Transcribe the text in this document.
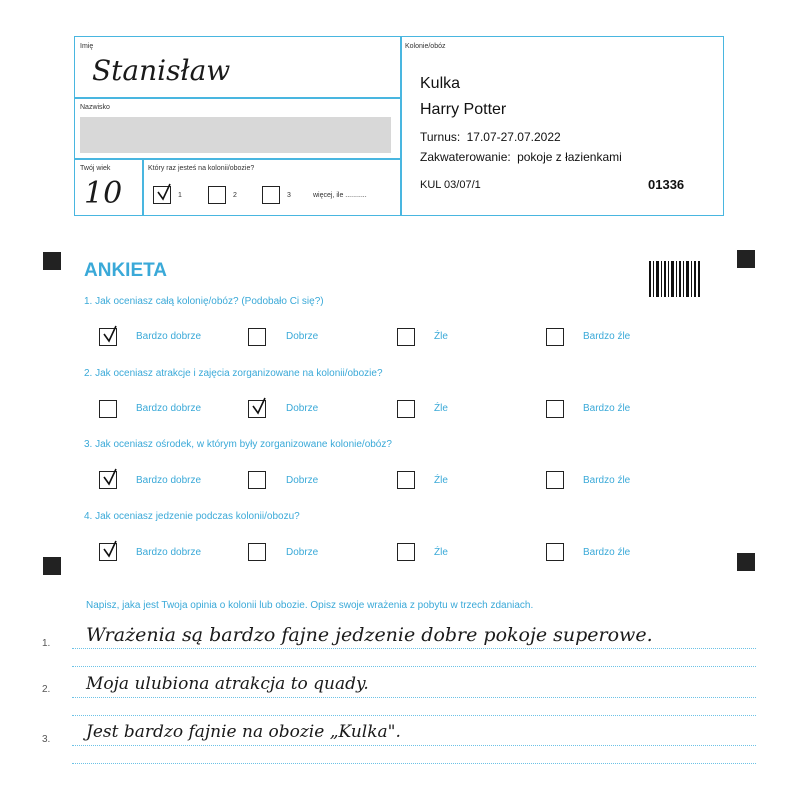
Imię
Stanisław
Nazwisko
Twój wiek
10
Który raz jesteś na kolonii/obozie?
1	2	3	więcej, ile ...........
Kolonie/obóz
Kulka
Harry Potter
Turnus: 17.07-27.07.2022
Zakwaterowanie: pokoje z łazienkami
KUL 03/07/1	01336
ANKIETA
1. Jak oceniasz całą kolonię/obóz? (Podobało Ci się?)
Bardzo dobrze	Dobrze	Źle	Bardzo źle
2. Jak oceniasz atrakcje i zajęcia zorganizowane na kolonii/obozie?
Bardzo dobrze	Dobrze	Źle	Bardzo źle
3. Jak oceniasz ośrodek, w którym były zorganizowane kolonie/obóz?
Bardzo dobrze	Dobrze	Źle	Bardzo źle
4. Jak oceniasz jedzenie podczas kolonii/obozu?
Bardzo dobrze	Dobrze	Źle	Bardzo źle
Napisz, jaka jest Twoja opinia o kolonii lub obozie. Opisz swoje wrażenia z pobytu w trzech zdaniach.
1. Wrażenia są bardzo fajne jedzenie dobre pokoje superowe.
2. Moja ulubiona atrakcja to quady.
3. Jest bardzo fajnie na obozie „Kulka".
